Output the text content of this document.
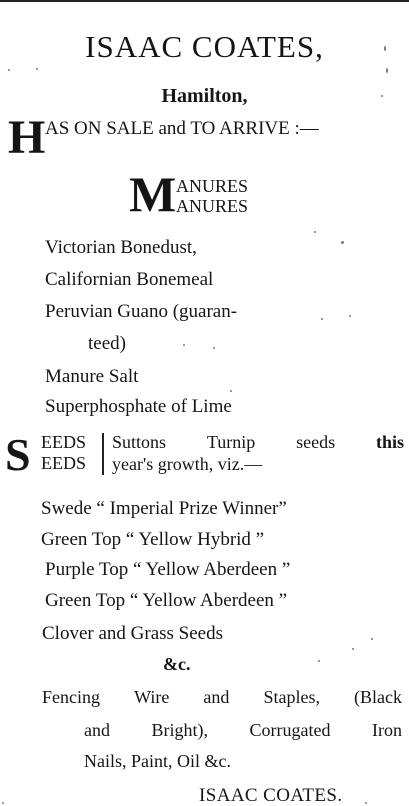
ISAAC COATES,
Hamilton,
H AS ON SALE and TO ARRIVE :—
M ANURES
ANURES
Victorian Bonedust,
Californian Bonemeal
Peruvian Guano (guaran-
teed)
Manure Salt
Superphosphate of Lime
S EEDS
EEDS
Suttons Turnip seeds this
year's growth, viz.—
Swede “ Imperial Prize Winner”
Green Top “ Yellow Hybrid ”
Purple Top “ Yellow Aberdeen ”
Green Top “ Yellow Aberdeen ”
Clover and Grass Seeds
&c.
Fencing Wire and Staples, (Black
and Bright), Corrugated Iron
Nails, Paint, Oil &c.
ISAAC COATES.
